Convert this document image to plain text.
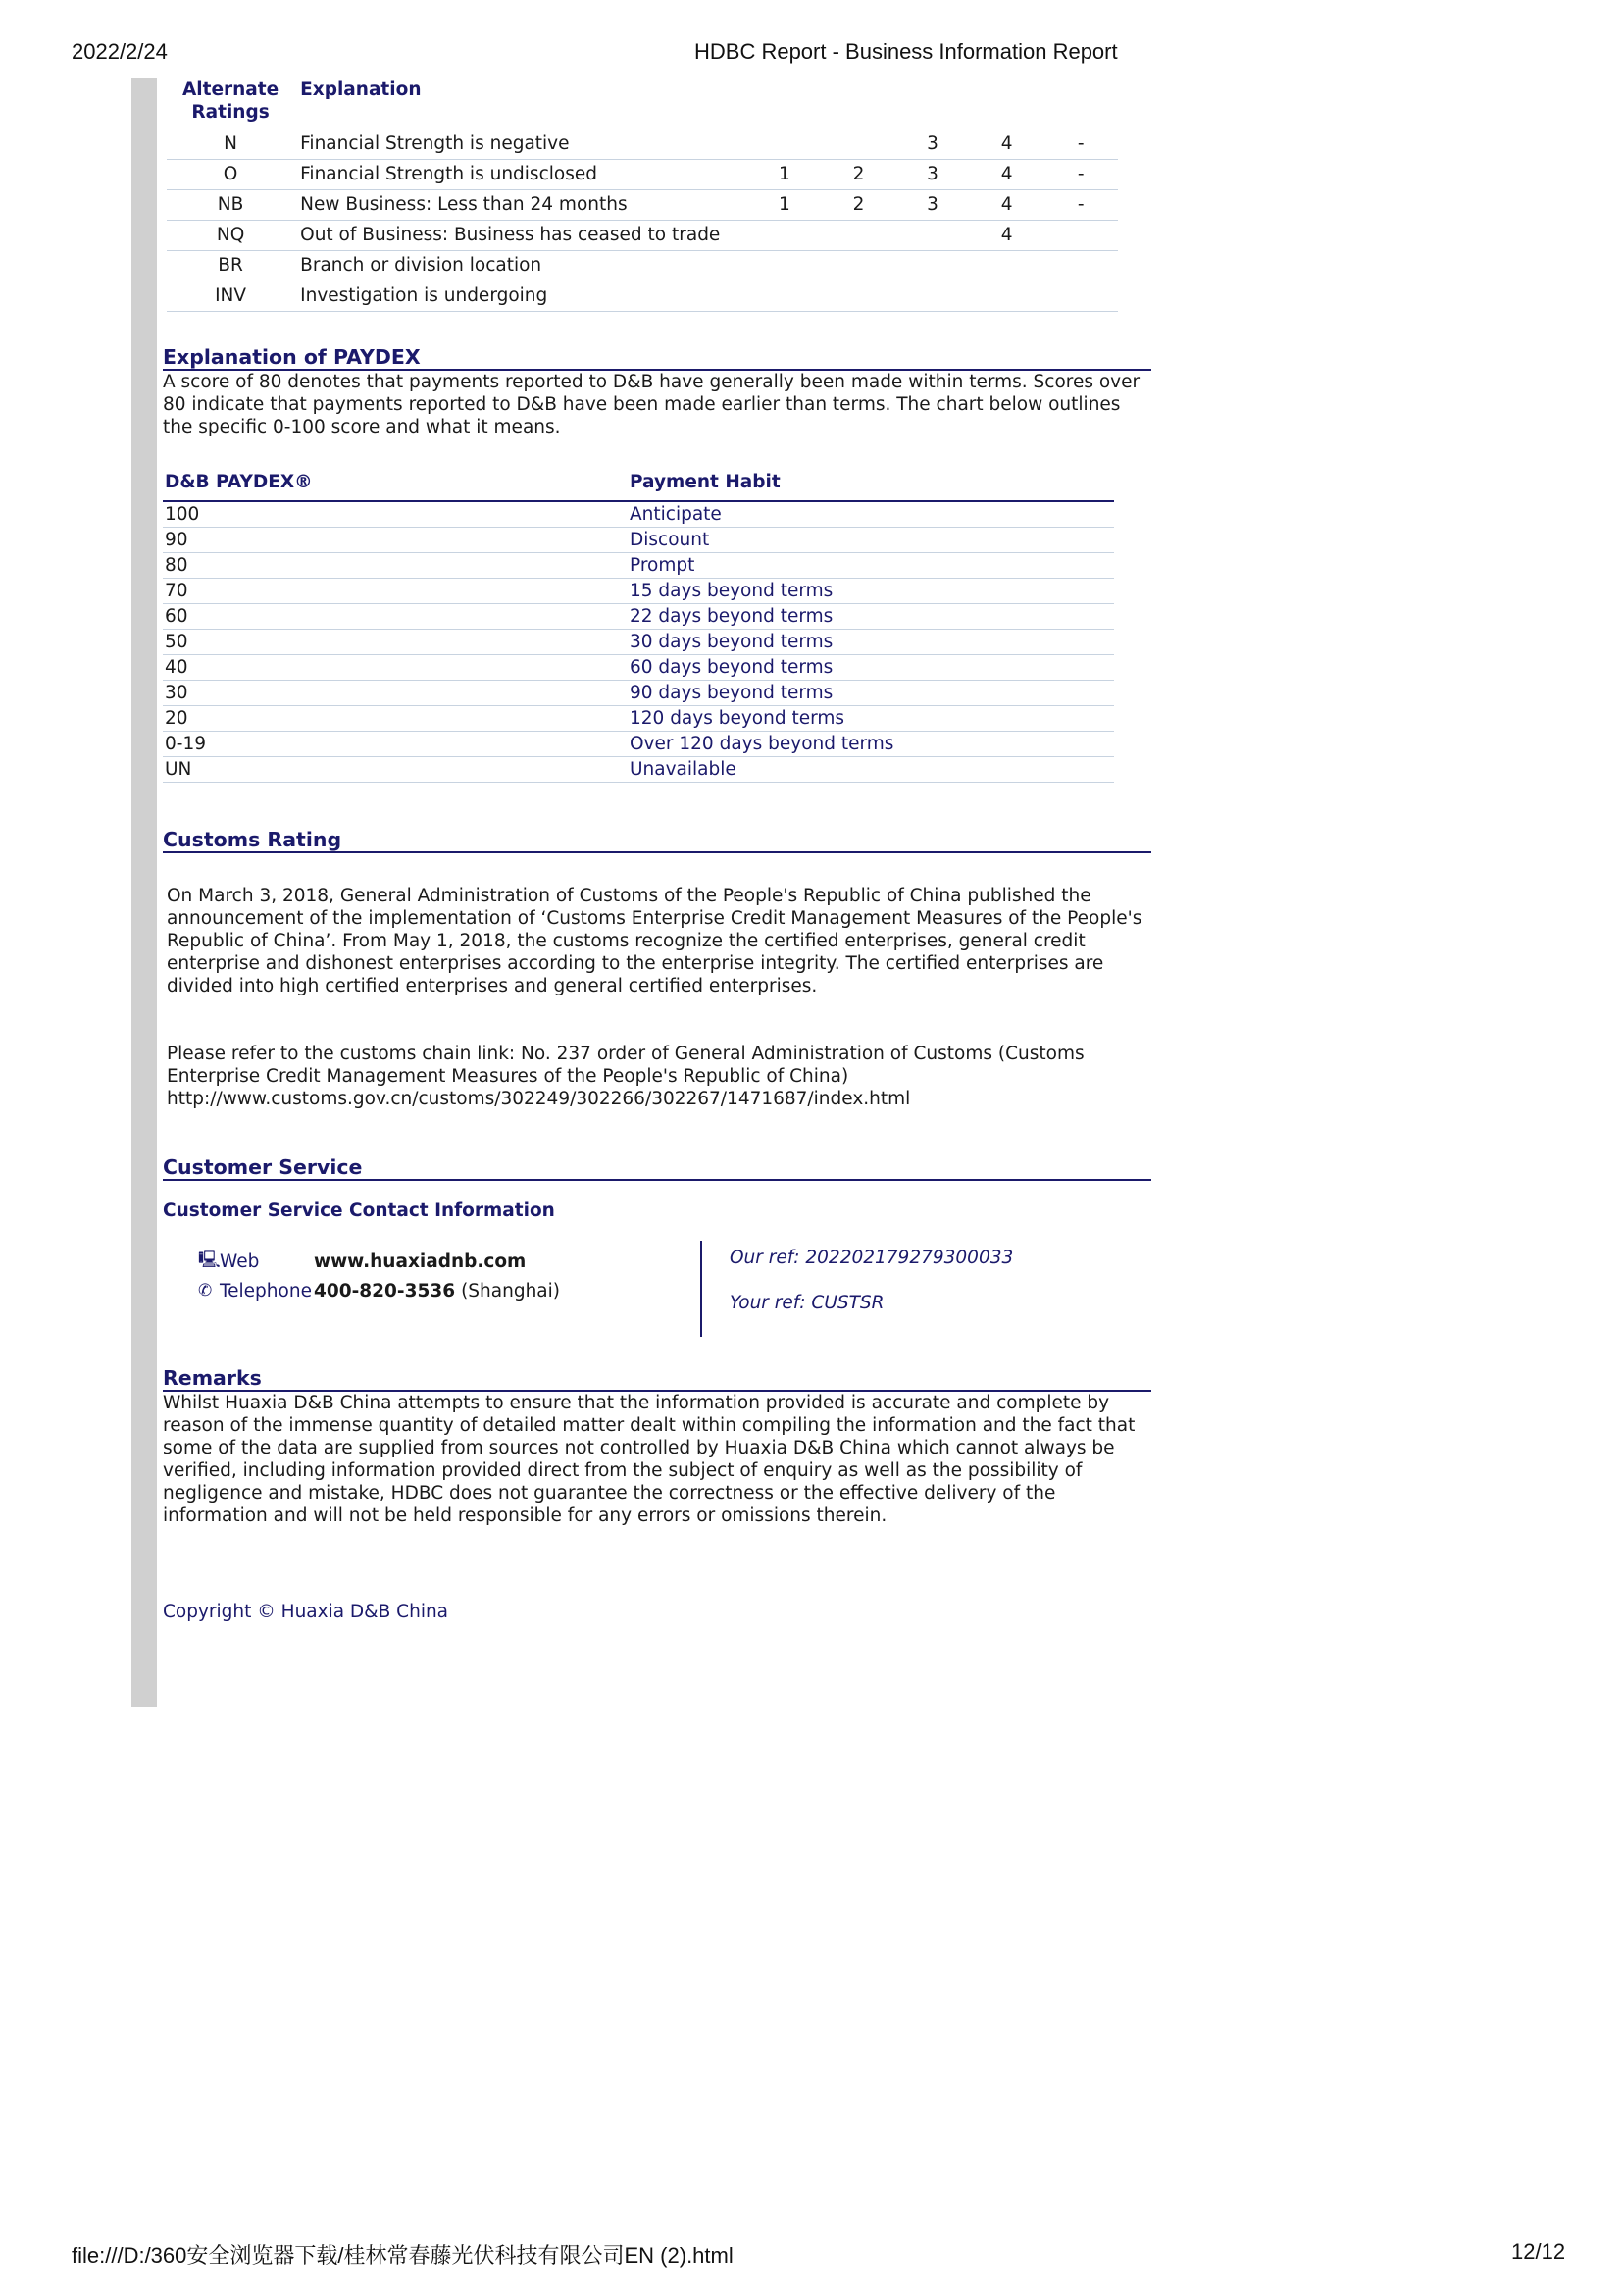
2022/2/24	HDBC Report - Business Information Report
Alternate Ratings	Explanation					
N	Financial Strength is negative			3	4	-
O	Financial Strength is undisclosed	1	2	3	4	-
NB	New Business: Less than 24 months	1	2	3	4	-
NQ	Out of Business: Business has ceased to trade				4	
BR	Branch or division location					
INV	Investigation is undergoing					
Explanation of PAYDEX

A score of 80 denotes that payments reported to D&B have generally been made within terms. Scores over 80 indicate that payments reported to D&B have been made earlier than terms. The chart below outlines the specific 0-100 score and what it means.

D&B PAYDEX®	Payment Habit
100	Anticipate
90	Discount
80	Prompt
70	15 days beyond terms
60	22 days beyond terms
50	30 days beyond terms
40	60 days beyond terms
30	90 days beyond terms
20	120 days beyond terms
0-19	Over 120 days beyond terms
UN	Unavailable
Customs Rating

On March 3, 2018, General Administration of Customs of the People's Republic of China published the announcement of the implementation of ‘Customs Enterprise Credit Management Measures of the People's Republic of China’. From May 1, 2018, the customs recognize the certified enterprises, general credit enterprise and dishonest enterprises according to the enterprise integrity. The certified enterprises are divided into high certified enterprises and general certified enterprises.

Please refer to the customs chain link: No. 237 order of General Administration of Customs (Customs Enterprise Credit Management Measures of the People's Republic of China)
http://www.customs.gov.cn/customs/302249/302266/302267/1471687/index.html

Customer Service
Customer Service Contact Information
🖳 Web	www.huaxiadnb.com
✆ Telephone 400-820-3536 (Shanghai)
Our ref: 202202179279300033
Your ref: CUSTSR
Remarks

Whilst Huaxia D&B China attempts to ensure that the information provided is accurate and complete by reason of the immense quantity of detailed matter dealt within compiling the information and the fact that some of the data are supplied from sources not controlled by Huaxia D&B China which cannot always be verified, including information provided direct from the subject of enquiry as well as the possibility of negligence and mistake, HDBC does not guarantee the correctness or the effective delivery of the information and will not be held responsible for any errors or omissions therein.

Copyright © Huaxia D&B China
file:///D:/360安全浏览器下载/桂林常春藤光伏科技有限公司EN (2).html	12/12
